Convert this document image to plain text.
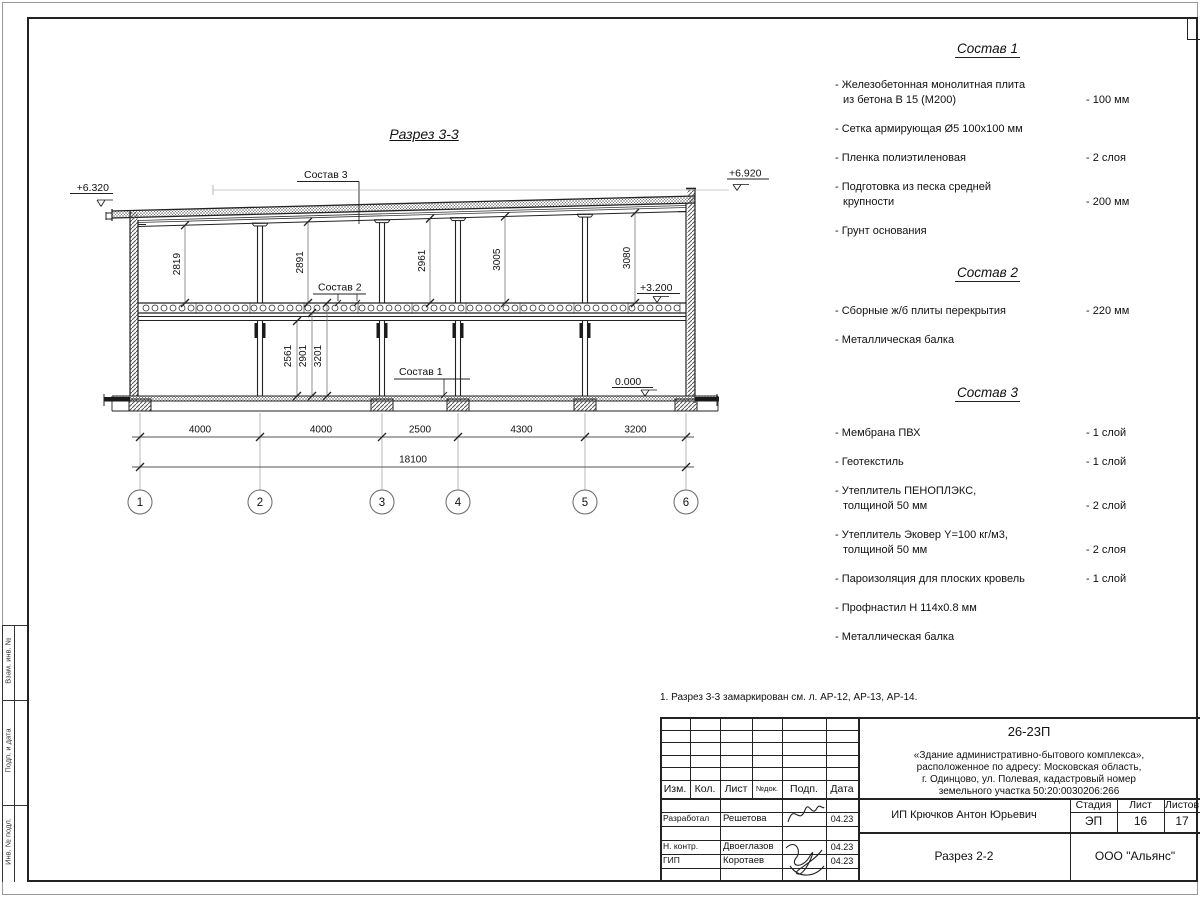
Взам. инв. №
Подп. и дата
Инв. № подл.
4000	4000	2500	4300	3200
18100
1	2	3	4	5	6
2819	2891	2961	3005	3080
2561 2901 3201
Состав 3
Состав 2
Состав 1
+6.320
+6.920
+3.200
0.000
Разрез 3-3
Состав 1
- Железобетонная монолитная плита
из бетона В 15 (М200)	- 100 мм
- Сетка армирующая Ø5 100х100 мм
- Пленка полиэтиленовая	- 2 слоя
- Подготовка из песка средней
крупности	- 200 мм
- Грунт основания
Состав 2
- Сборные ж/б плиты перекрытия	- 220 мм
- Металлическая балка
Состав 3
- Мембрана ПВХ	- 1 слой
- Геотекстиль	- 1 слой
- Утеплитель ПЕНОПЛЭКС,
толщиной 50 мм	- 2 слой
- Утеплитель Эковер Y=100 кг/м3,
толщиной 50 мм	- 2 слоя
- Пароизоляция для плоских кровель	- 1 слой
- Профнастил Н 114х0.8 мм
- Металлическая балка
1. Разрез 3-3 замаркирован см. л. АР-12, АР-13, АР-14.
Изм. Кол. Лист	№док.	Подп.	Дата
Разработал	Решетова	04.23
Н. контр.	Двоеглазов	04.23
ГИП	Коротаев	04.23
26-23П
«Здание административно-бытового комплекса»,
расположенное по адресу: Московская область,
г. Одинцово, ул. Полевая, кадастровый номер
земельного участка 50:20:0030206:266
ИП Крючков Антон Юрьевич
Стадия	Лист	Листов
ЭП	16	17
Разрез 2-2	ООО "Альянс"
